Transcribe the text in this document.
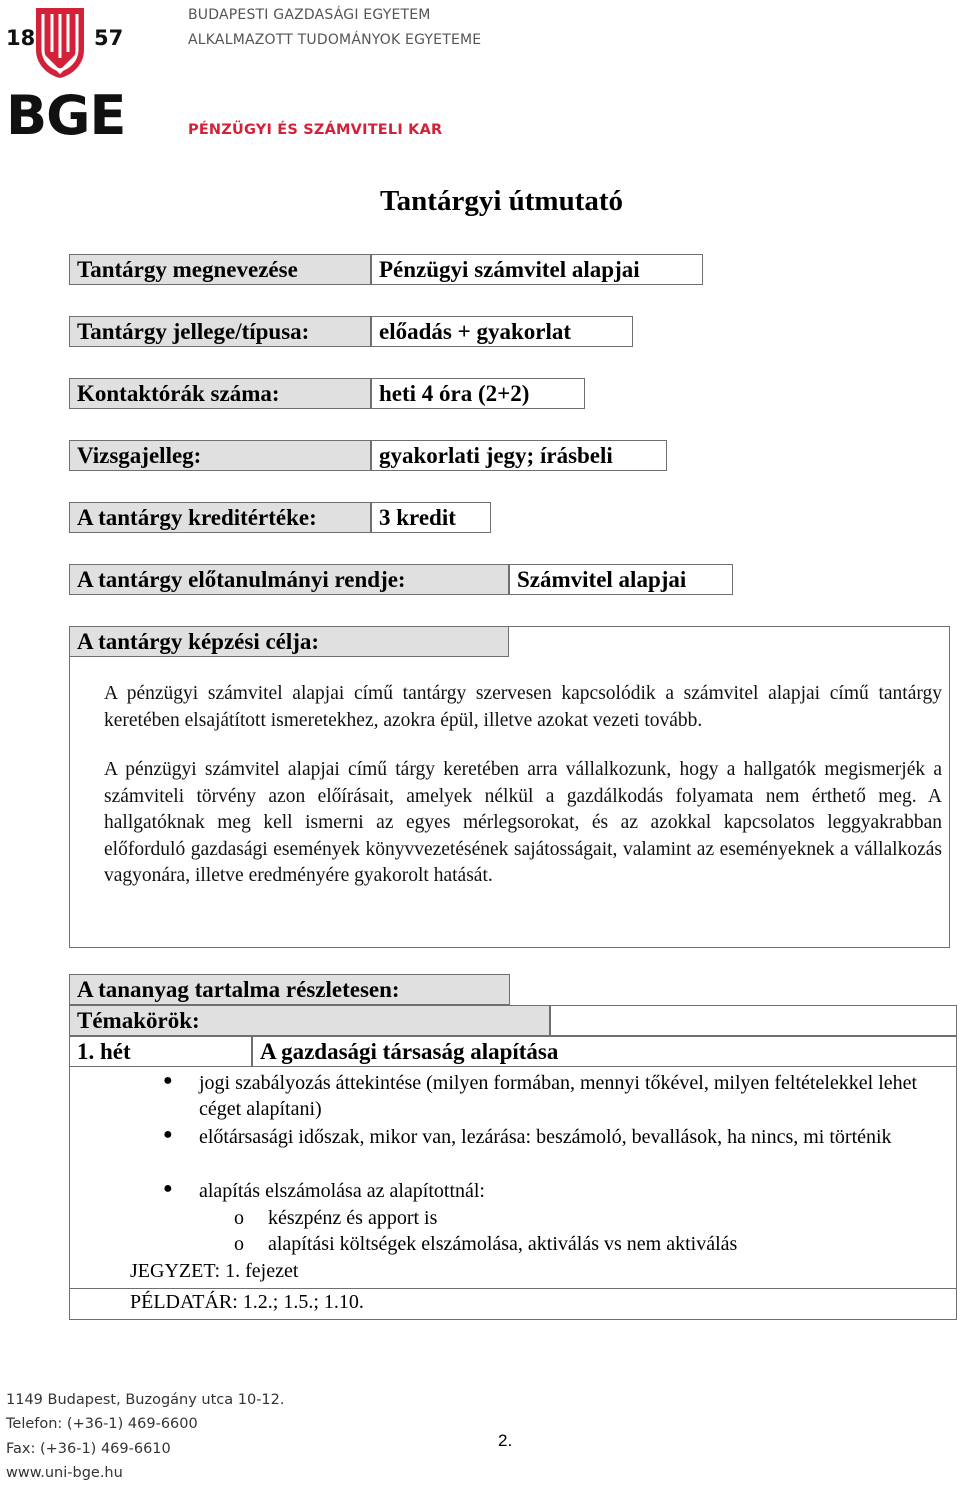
18	57
BGE
BUDAPESTI GAZDASÁGI EGYETEM
ALKALMAZOTT TUDOMÁNYOK EGYETEME
PÉNZÜGYI ÉS SZÁMVITELI KAR
Tantárgyi útmutató
Tantárgy megnevezése	Pénzügyi számvitel alapjai
Tantárgy jellege/típusa:	előadás + gyakorlat
Kontaktórák száma:	heti 4 óra (2+2)
Vizsgajelleg:	gyakorlati jegy; írásbeli
A tantárgy kreditértéke:	3 kredit
A tantárgy előtanulmányi rendje:	Számvitel alapjai
A tantárgy képzési célja:
A pénzügyi számvitel alapjai című tantárgy szervesen kapcsolódik a számvitel alapjai című tantárgy keretében elsajátított ismeretekhez, azokra épül, illetve azokat vezeti tovább.
A pénzügyi számvitel alapjai című tárgy keretében arra vállalkozunk, hogy a hallgatók megismerjék a számviteli törvény azon előírásait, amelyek nélkül a gazdálkodás folyamata nem érthető meg. A hallgatóknak meg kell ismerni az egyes mérlegsorokat, és az azokkal kapcsolatos leggyakrabban előforduló gazdasági események könyvvezetésének sajátosságait, valamint az eseményeknek a vállalkozás vagyonára, illetve eredményére gyakorolt hatását.
A tananyag tartalma részletesen:
Témakörök:
1. hét	A gazdasági társaság alapítása
● jogi szabályozás áttekintése (milyen formában, mennyi tőkével, milyen feltételekkel lehet céget alapítani)
● előtársasági időszak, mikor van, lezárása: beszámoló, bevallások, ha nincs, mi történik
● alapítás elszámolása az alapítottnál:
o készpénz és apport is
o alapítási költségek elszámolása, aktiválás vs nem aktiválás
JEGYZET: 1. fejezet
PÉLDATÁR: 1.2.; 1.5.; 1.10.
1149 Budapest, Buzogány utca 10-12.
Telefon: (+36-1) 469-6600
Fax: (+36-1) 469-6610
www.uni-bge.hu
2.
